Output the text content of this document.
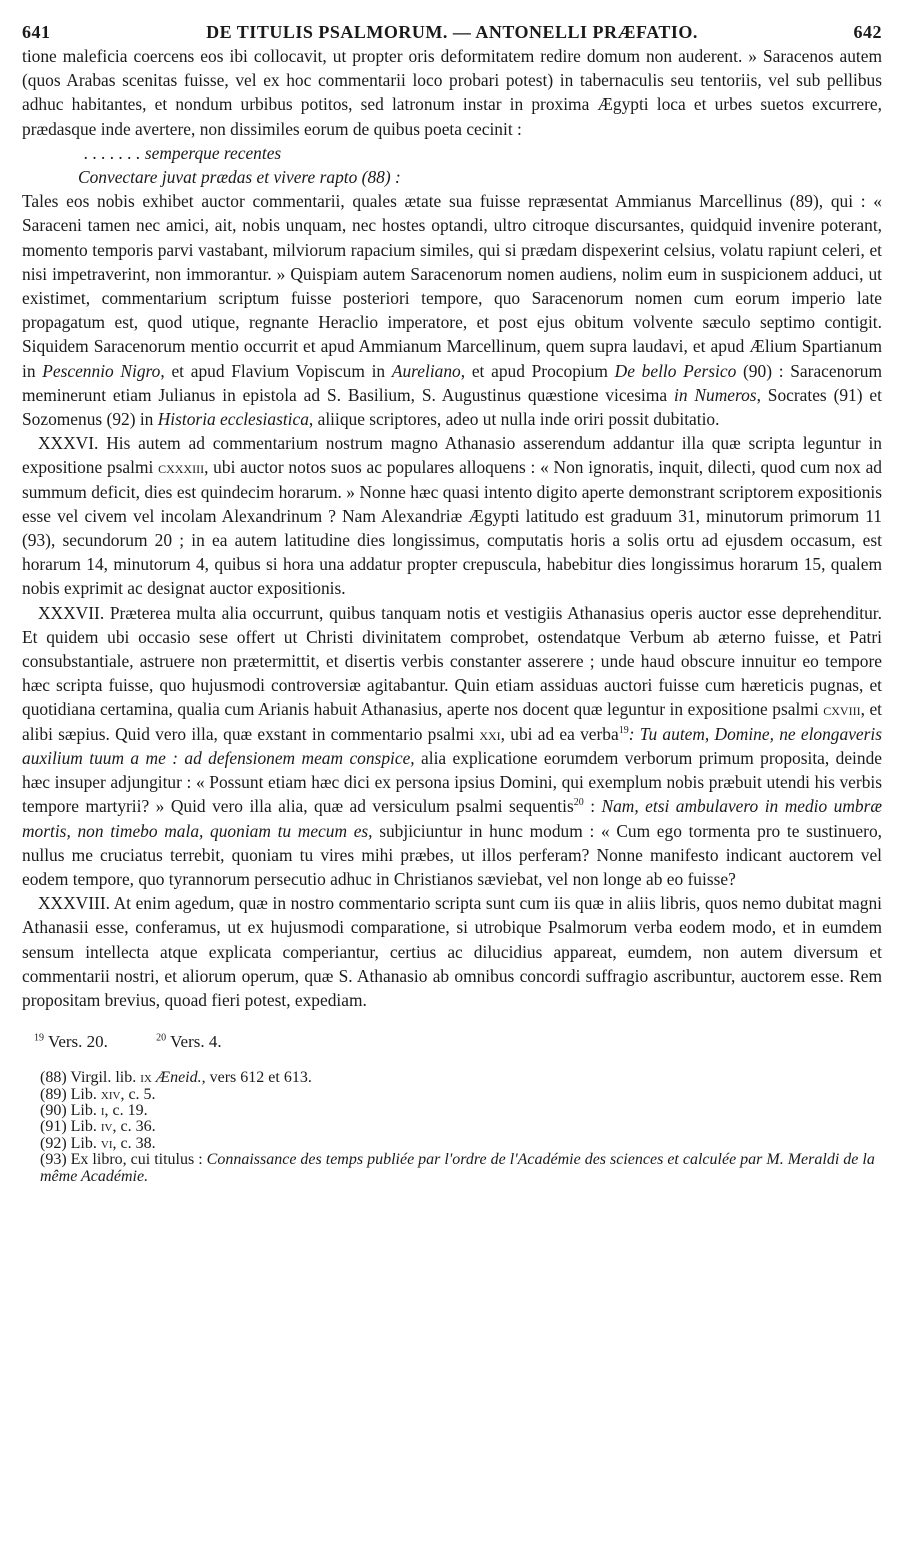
641	DE TITULIS PSALMORUM. — ANTONELLI PRÆFATIO.	642

tione maleficia coercens eos ibi collocavit, ut propter oris deformitatem redire domum non auderent. » Saracenos autem (quos Arabas scenitas fuisse, vel ex hoc commentarii loco probari potest) in tabernaculis seu tentoriis, vel sub pellibus adhuc habitantes, et nondum urbibus potitos, sed latronum instar in proxima Ægypti loca et urbes suetos excurrere, prædasque inde avertere, non dissimiles eorum de quibus poeta cecinit :

. . . . . . . semperque recentes

Convectare juvat prædas et vivere rapto (88) :

Tales eos nobis exhibet auctor commentarii, quales ætate sua fuisse repræsentat Ammianus Marcellinus (89), qui : « Saraceni tamen nec amici, ait, nobis unquam, nec hostes optandi, ultro citroque discursantes, quidquid invenire poterant, momento temporis parvi vastabant, milviorum rapacium similes, qui si prædam dispexerint celsius, volatu rapiunt celeri, et nisi impetraverint, non immorantur. » Quispiam autem Saracenorum nomen audiens, nolim eum in suspicionem adduci, ut existimet, commentarium scriptum fuisse posteriori tempore, quo Saracenorum nomen cum eorum imperio late propagatum est, quod utique, regnante Heraclio imperatore, et post ejus obitum volvente sæculo septimo contigit. Siquidem Saracenorum mentio occurrit et apud Ammianum Marcellinum, quem supra laudavi, et apud Ælium Spartianum in Pescennio Nigro, et apud Flavium Vopiscum in Aureliano, et apud Procopium De bello Persico (90) : Saracenorum meminerunt etiam Julianus in epistola ad S. Basilium, S. Augustinus quæstione vicesima in Numeros, Socrates (91) et Sozomenus (92) in Historia ecclesiastica, aliique scriptores, adeo ut nulla inde oriri possit dubitatio.

XXXVI. His autem ad commentarium nostrum magno Athanasio asserendum addantur illa quæ scripta leguntur in expositione psalmi cxxxiii, ubi auctor notos suos ac populares alloquens : « Non ignoratis, inquit, dilecti, quod cum nox ad summum deficit, dies est quindecim horarum. » Nonne hæc quasi intento digito aperte demonstrant scriptorem expositionis esse vel civem vel incolam Alexandrinum ? Nam Alexandriæ Ægypti latitudo est graduum 31, minutorum primorum 11 (93), secundorum 20 ; in ea autem latitudine dies longissimus, computatis horis a solis ortu ad ejusdem occasum, est horarum 14, minutorum 4, quibus si hora una addatur propter crepuscula, habebitur dies longissimus horarum 15, qualem nobis exprimit ac designat auctor expositionis.

XXXVII. Præterea multa alia occurrunt, quibus tanquam notis et vestigiis Athanasius operis auctor esse deprehenditur. Et quidem ubi occasio sese offert ut Christi divinitatem comprobet, ostendatque Verbum ab æterno fuisse, et Patri consubstantiale, astruere non prætermittit, et disertis verbis constanter asserere ; unde haud obscure innuitur eo tempore hæc scripta fuisse, quo hujusmodi controversiæ agitabantur. Quin etiam assiduas auctori fuisse cum hæreticis pugnas, et quotidiana certamina, qualia cum Arianis habuit Athanasius, aperte nos docent quæ leguntur in expositione psalmi cxviii, et alibi sæpius. Quid vero illa, quæ exstant in commentario psalmi xxi, ubi ad ea verba$^{19}$: Tu autem, Domine, ne elongaveris auxilium tuum a me : ad defensionem meam conspice, alia explicatione eorumdem verborum primum proposita, deinde hæc insuper adjungitur : « Possunt etiam hæc dici ex persona ipsius Domini, qui exemplum nobis præbuit utendi his verbis tempore martyrii? » Quid vero illa alia, quæ ad versiculum psalmi sequentis$^{20}$ : Nam, etsi ambulavero in medio umbræ mortis, non timebo mala, quoniam tu mecum es, subjiciuntur in hunc modum : « Cum ego tormenta pro te sustinuero, nullus me cruciatus terrebit, quoniam tu vires mihi præbes, ut illos perferam? Nonne manifesto indicant auctorem vel eodem tempore, quo tyrannorum persecutio adhuc in Christianos sæviebat, vel non longe ab eo fuisse?

XXXVIII. At enim agedum, quæ in nostro commentario scripta sunt cum iis quæ in aliis libris, quos nemo dubitat magni Athanasii esse, conferamus, ut ex hujusmodi comparatione, si utrobique Psalmorum verba eodem modo, et in eumdem sensum intellecta atque explicata comperiantur, certius ac dilucidius appareat, eumdem, non autem diversum et commentarii nostri, et aliorum operum, quæ S. Athanasio ab omnibus concordi suffragio ascribuntur, auctorem esse. Rem propositam brevius, quoad fieri potest, expediam.

$^{19}$ Vers. 20.	$^{20}$ Vers. 4.

(88) Virgil. lib. ix Æneid., vers 612 et 613.

(89) Lib. xiv, c. 5.

(90) Lib. i, c. 19.

(91) Lib. iv, c. 36.

(92) Lib. vi, c. 38.

(93) Ex libro, cui titulus : Connaissance des temps publiée par l'ordre de l'Académie des sciences et calculée par M. Meraldi de la même Académie.
